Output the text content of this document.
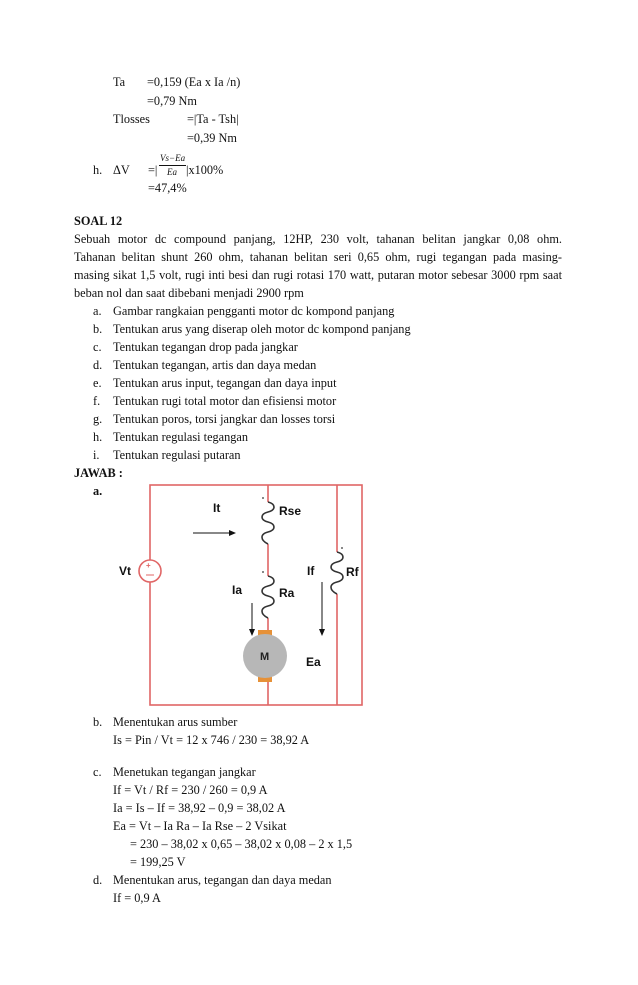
Ta =0,159 (Ea x Ia /n)
=0,79 Nm
Tlosses	=|Ta - Tsh|
=0,39 Nm
h. ΔV =|
Vs−Ea
Ea |x100%
=47,4%
SOAL 12
Sebuah motor dc compound panjang, 12HP, 230 volt, tahanan belitan jangkar 0,08 ohm.
Tahanan belitan shunt 260 ohm, tahanan belitan seri 0,65 ohm, rugi tegangan pada masing-
masing sikat 1,5 volt, rugi inti besi dan rugi rotasi 170 watt, putaran motor sebesar 3000 rpm saat
beban nol dan saat dibebani menjadi 2900 rpm
a. Gambar rangkaian pengganti motor dc kompond panjang
b. Tentukan arus yang diserap oleh motor dc kompond panjang
c. Tentukan tegangan drop pada jangkar
d. Tentukan tegangan, artis dan daya medan
e. Tentukan arus input, tegangan dan daya input
f. Tentukan rugi total motor dan efisiensi motor
g. Tentukan poros, torsi jangkar dan losses torsi
h. Tentukan regulasi tegangan
i. Tentukan regulasi putaran
JAWAB :
a.
+
It	Rse
Vt	If	Rf
Ia	Ra
M	Ea
b. Menentukan arus sumber
Is = Pin / Vt = 12 x 746 / 230 = 38,92 A
c. Menetukan tegangan jangkar
If = Vt / Rf = 230 / 260 = 0,9 A
Ia = Is – If = 38,92 – 0,9 = 38,02 A
Ea = Vt – Ia Ra – Ia Rse – 2 Vsikat
= 230 – 38,02 x 0,65 – 38,02 x 0,08 – 2 x 1,5
= 199,25 V
d. Menentukan arus, tegangan dan daya medan
If = 0,9 A
